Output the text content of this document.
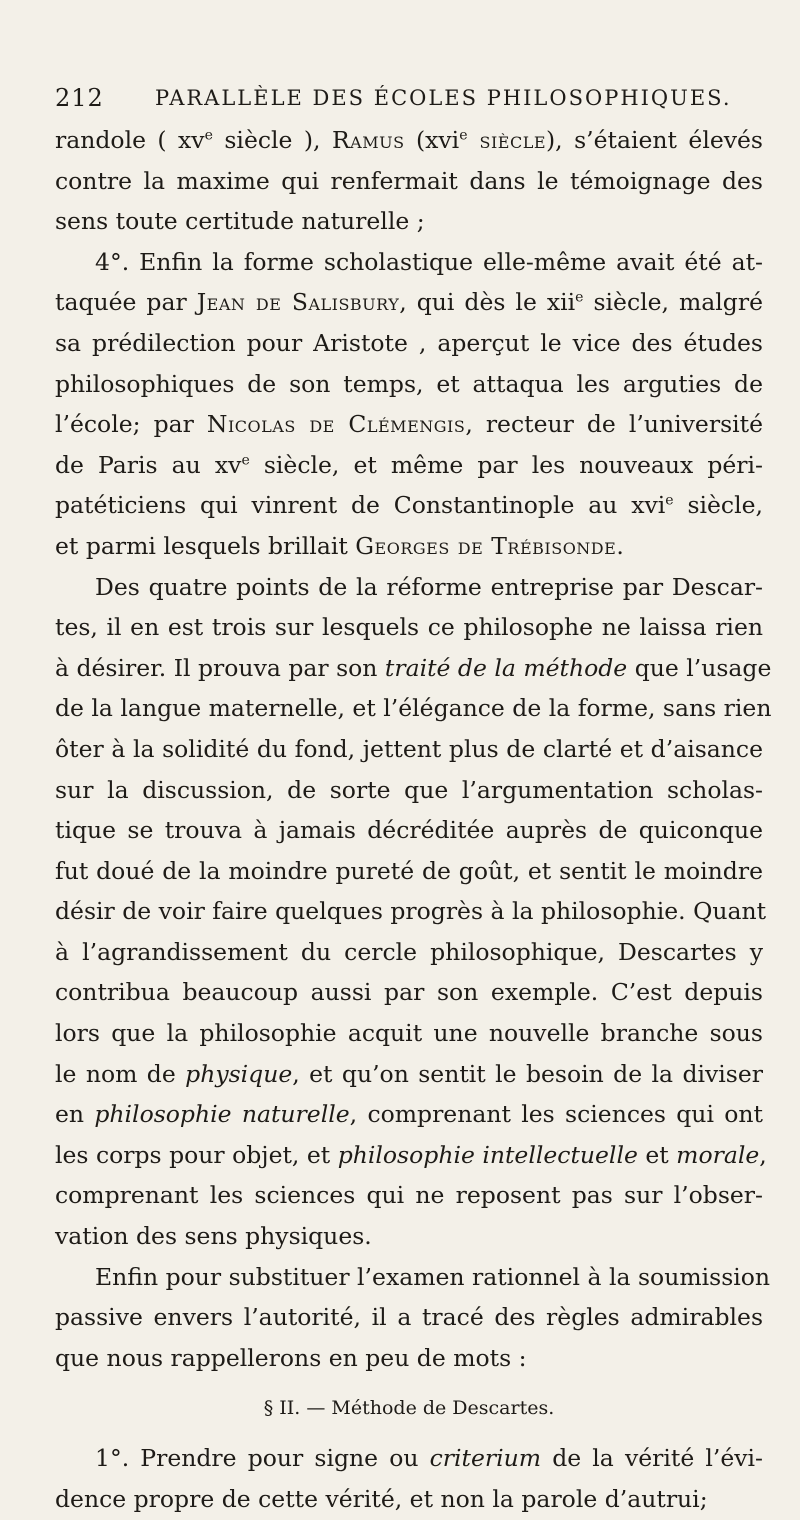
212 PARALLÈLE DES ÉCOLES PHILOSOPHIQUES.
randole ( $xv^e$ siècle ), Ramus (xvi$^e$ siècle), s’étaient élevés
contre la maxime qui renfermait dans le témoignage des
sens toute certitude naturelle ;
4°. Enfin la forme scholastique elle-même avait été at-
taquée par Jean de Salisbury, qui dès le xii$^e$ siècle, malgré
sa prédilection pour Aristote , aperçut le vice des études
philosophiques de son temps, et attaqua les arguties de
l’école; par Nicolas de Clémengis, recteur de l’université
de Paris au $xv^e$ siècle, et même par les nouveaux péri-
patéticiens qui vinrent de Constantinople au xvi$^e$ siècle,
et parmi lesquels brillait Georges de Trébisonde.
Des quatre points de la réforme entreprise par Descar-
tes, il en est trois sur lesquels ce philosophe ne laissa rien
à désirer. Il prouva par son traité de la méthode que l’usage
de la langue maternelle, et l’élégance de la forme, sans rien
ôter à la solidité du fond, jettent plus de clarté et d’aisance
sur la discussion, de sorte que l’argumentation scholas-
tique se trouva à jamais décréditée auprès de quiconque
fut doué de la moindre pureté de goût, et sentit le moindre
désir de voir faire quelques progrès à la philosophie. Quant
à l’agrandissement du cercle philosophique, Descartes y
contribua beaucoup aussi par son exemple. C’est depuis
lors que la philosophie acquit une nouvelle branche sous
le nom de physique, et qu’on sentit le besoin de la diviser
en philosophie naturelle, comprenant les sciences qui ont
les corps pour objet, et philosophie intellectuelle et morale,
comprenant les sciences qui ne reposent pas sur l’obser-
vation des sens physiques.
Enfin pour substituer l’examen rationnel à la soumission
passive envers l’autorité, il a tracé des règles admirables
que nous rappellerons en peu de mots :
§ II. — Méthode de Descartes.
1°. Prendre pour signe ou criterium de la vérité l’évi-
dence propre de cette vérité, et non la parole d’autrui;
